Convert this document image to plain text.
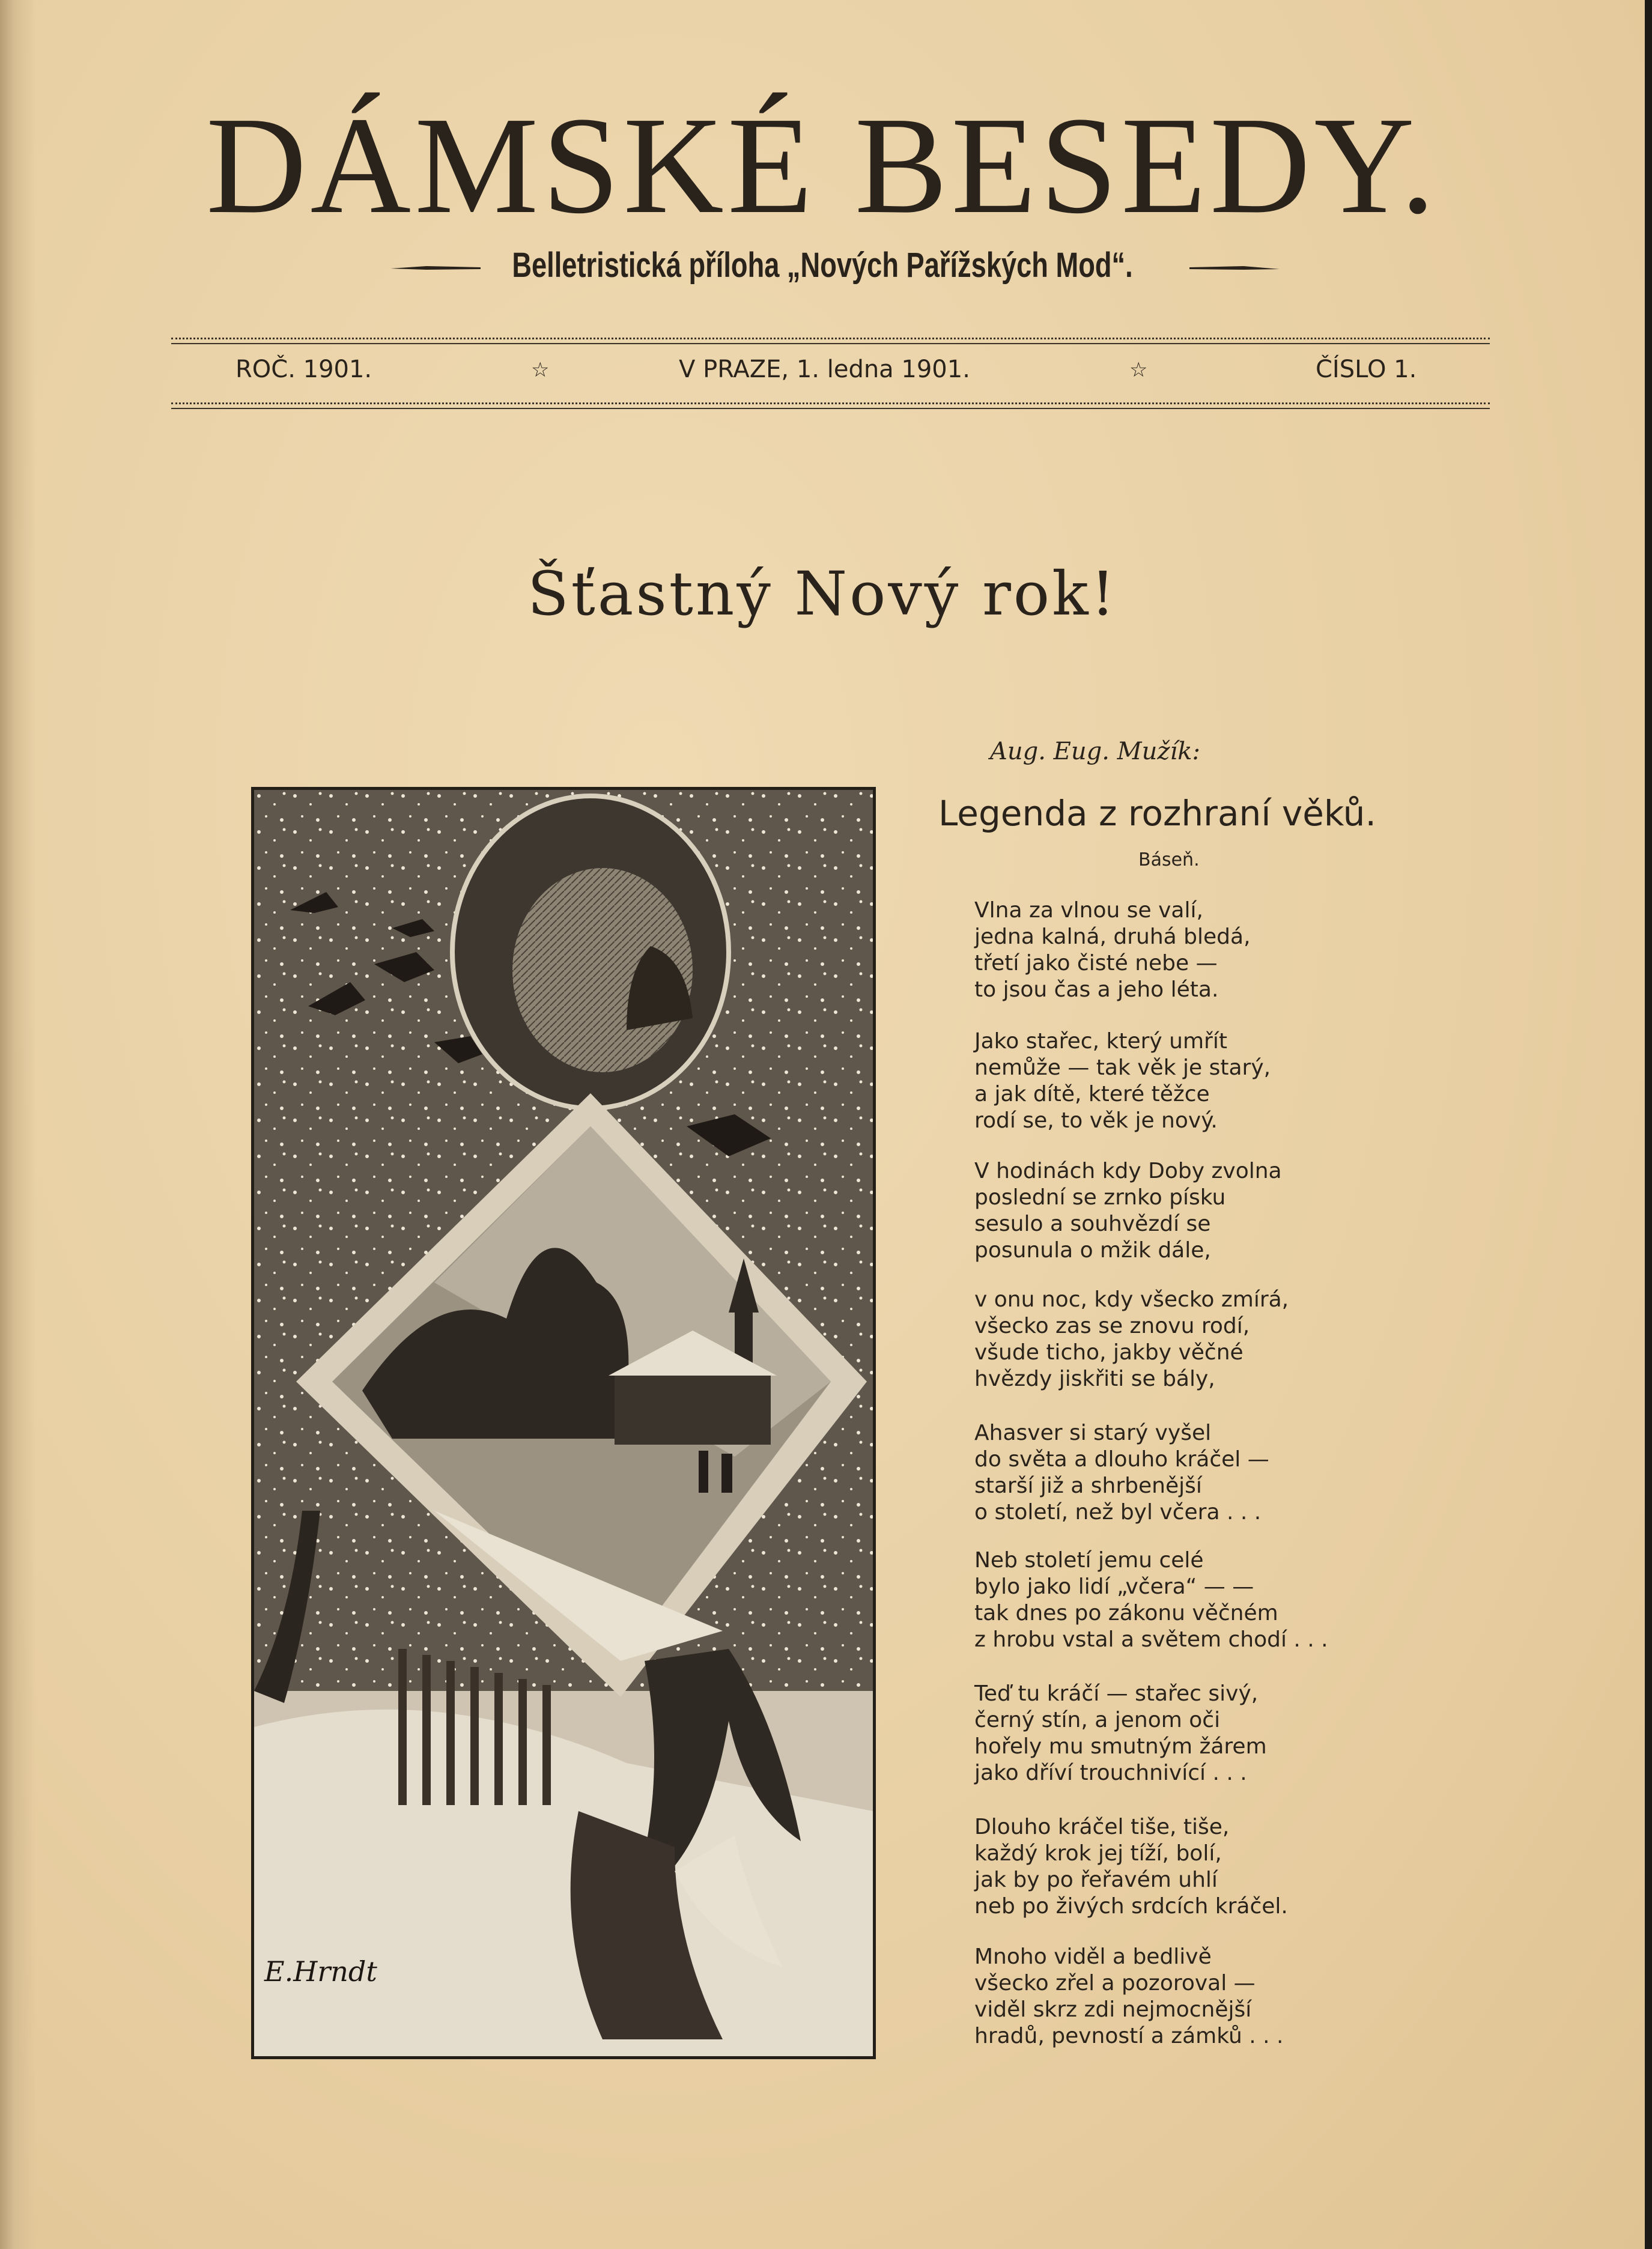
DÁMSKÉ BESEDY.
Belletristická příloha „Nových Pařížských Mod“.
ROČ. 1901.	☆	V PRAZE, 1. ledna 1901.	☆	ČÍSLO 1.
Šťastný Nový rok!
E.Hrndt
Aug. Eug. Mužík:
Legenda z rozhraní věků.
Báseň.
Vlna za vlnou se valí,
jedna kalná, druhá bledá,
třetí jako čisté nebe —
to jsou čas a jeho léta.
Jako stařec, který umřít
nemůže — tak věk je starý,
a jak dítě, které těžce
rodí se, to věk je nový.
V hodinách kdy Doby zvolna
poslední se zrnko písku
sesulo a souhvězdí se
posunula o mžik dále,
v onu noc, kdy všecko zmírá,
všecko zas se znovu rodí,
všude ticho, jakby věčné
hvězdy jiskřiti se bály,
Ahasver si starý vyšel
do světa a dlouho kráčel —
starší již a shrbenější
o století, než byl včera . . .
Neb století jemu celé
bylo jako lidí „včera“ — —
tak dnes po zákonu věčném
z hrobu vstal a světem chodí . . .
Teď tu kráčí — stařec sivý,
černý stín, a jenom oči
hořely mu smutným žárem
jako dříví trouchnivící . . .
Dlouho kráčel tiše, tiše,
každý krok jej tíží, bolí,
jak by po řeřavém uhlí
neb po živých srdcích kráčel.
Mnoho viděl a bedlivě
všecko zřel a pozoroval —
viděl skrz zdi nejmocnější
hradů, pevností a zámků . . .
